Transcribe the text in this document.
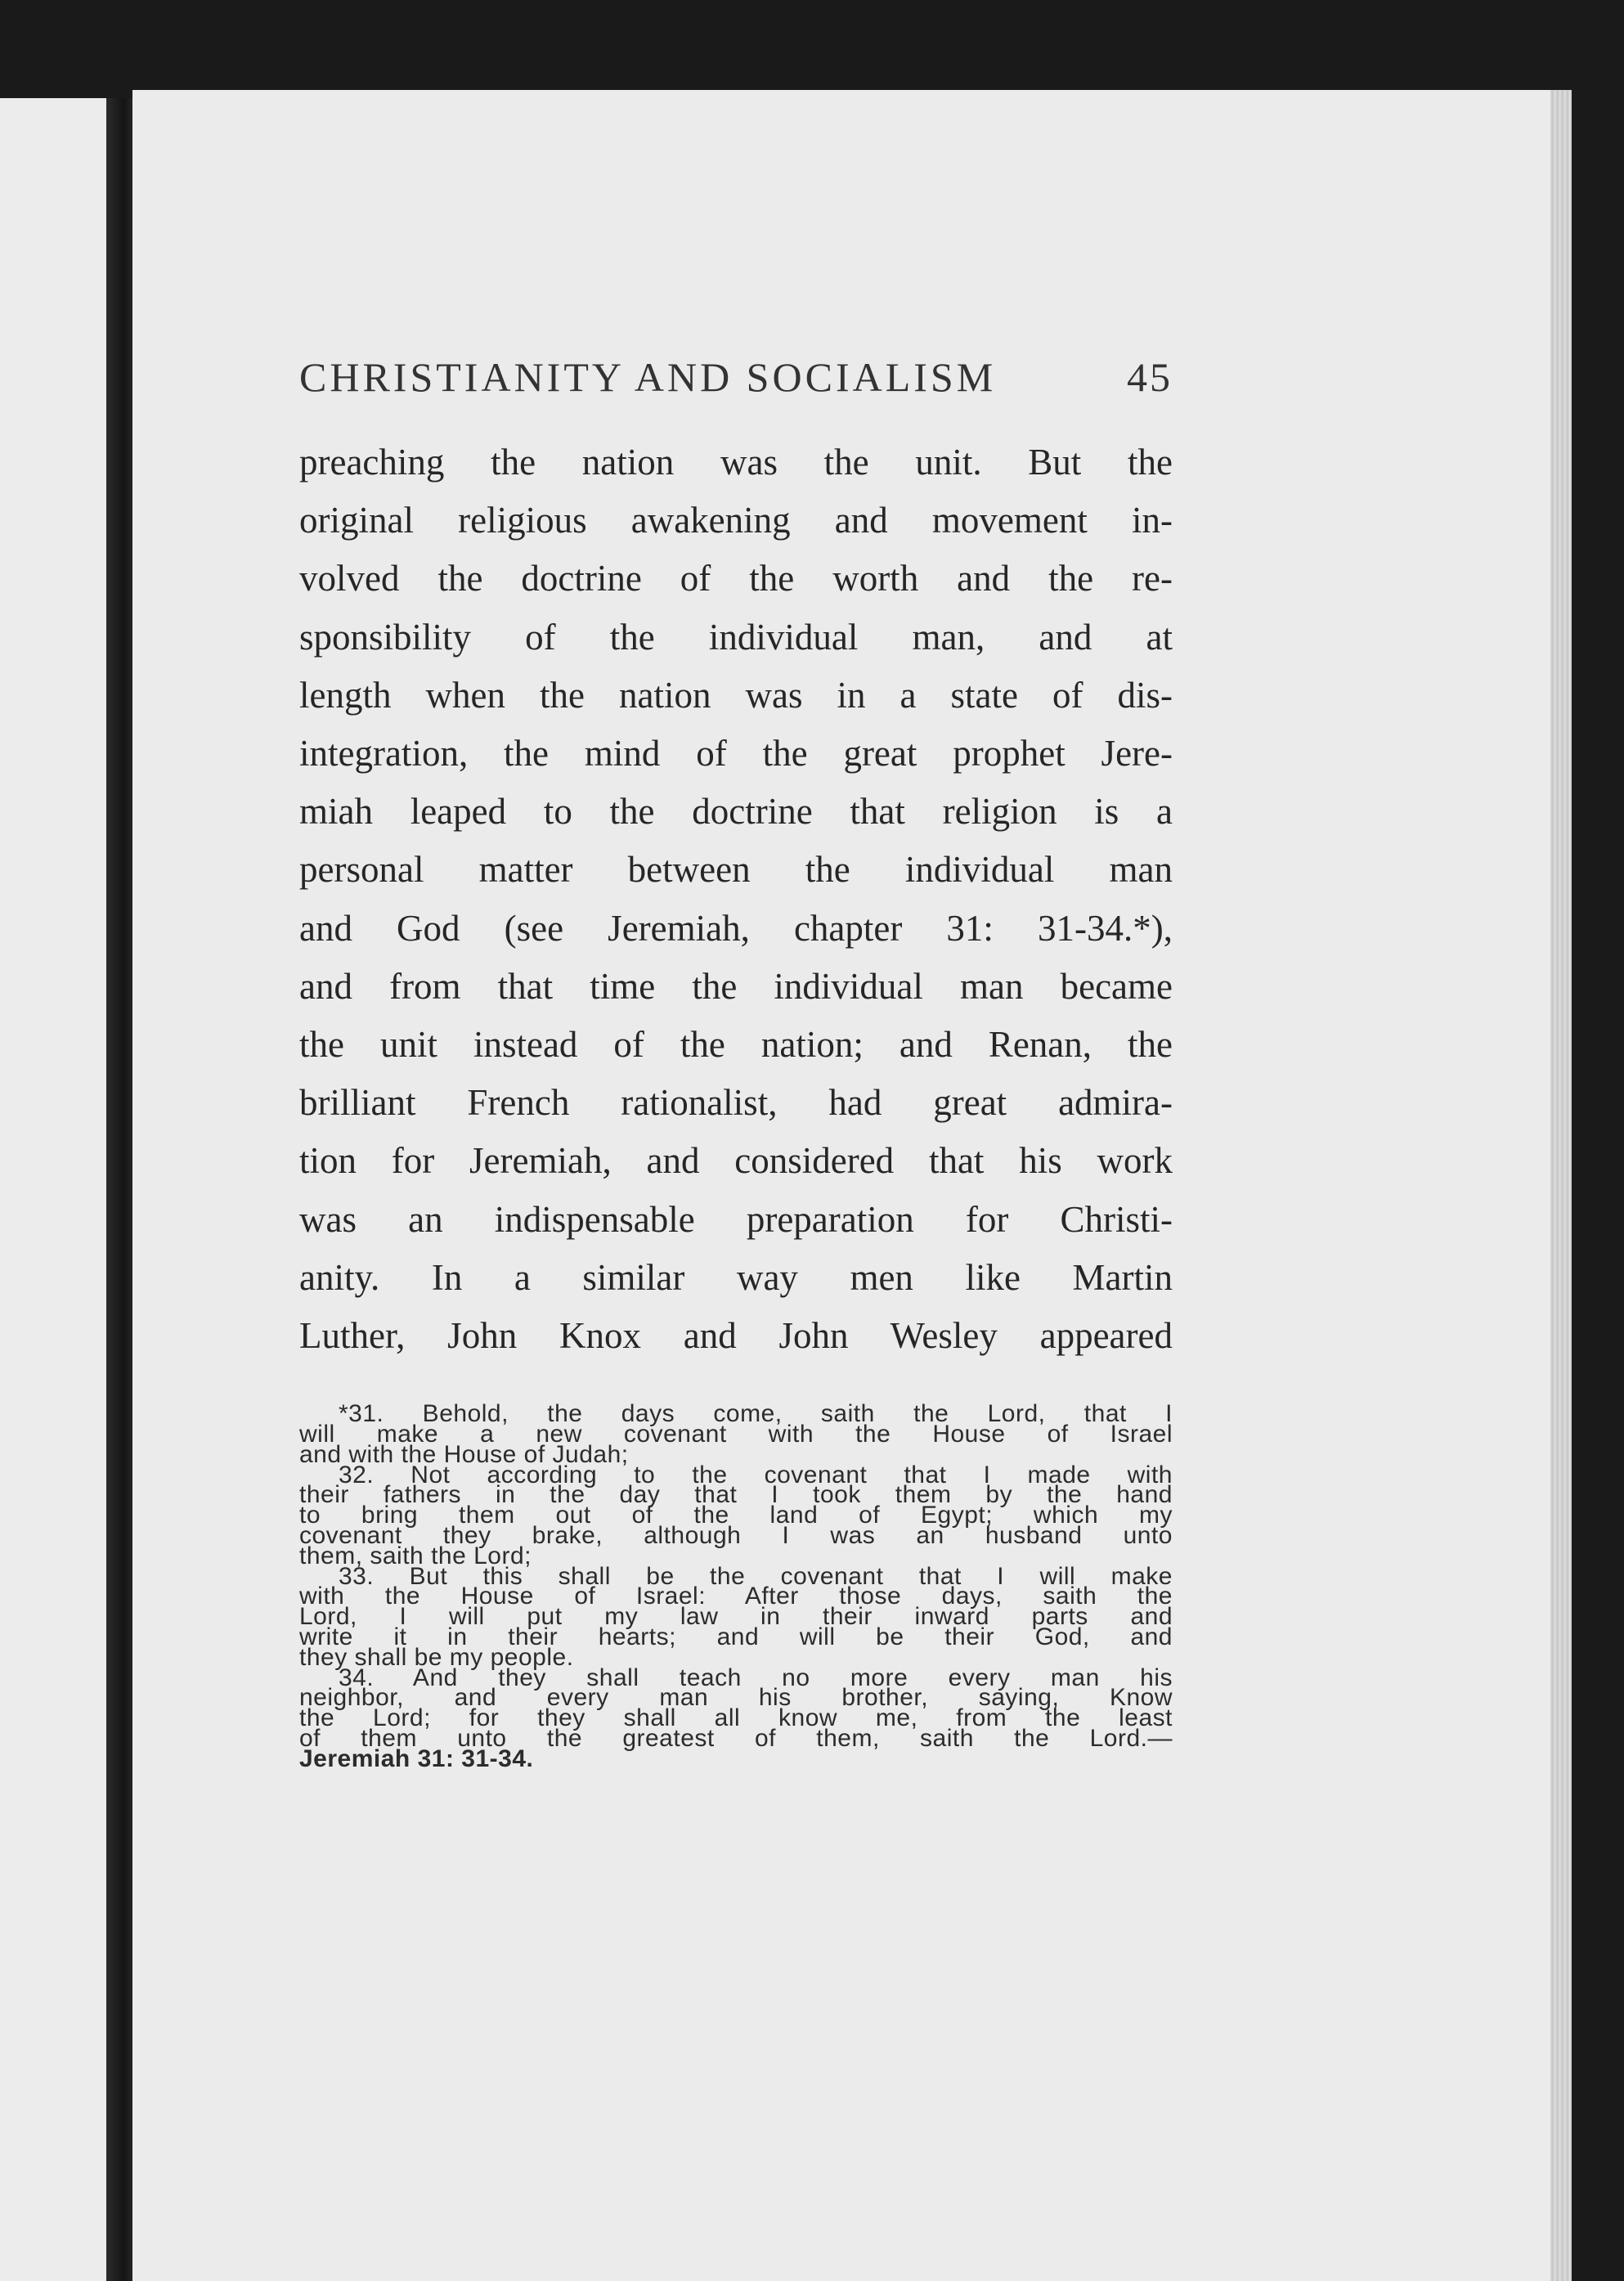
CHRISTIANITY AND SOCIALISM	45
preaching the nation was the unit. But the
original religious awakening and movement in-
volved the doctrine of the worth and the re-
sponsibility of the individual man, and at
length when the nation was in a state of dis-
integration, the mind of the great prophet Jere-
miah leaped to the doctrine that religion is a
personal matter between the individual man
and God (see Jeremiah, chapter 31: 31-34.*),
and from that time the individual man became
the unit instead of the nation; and Renan, the
brilliant French rationalist, had great admira-
tion for Jeremiah, and considered that his work
was an indispensable preparation for Christi-
anity. In a similar way men like Martin
Luther, John Knox and John Wesley appeared
*31. Behold, the days come, saith the Lord, that I
will make a new covenant with the House of Israel
and with the House of Judah;
32. Not according to the covenant that I made with
their fathers in the day that I took them by the hand
to bring them out of the land of Egypt; which my
covenant they brake, although I was an husband unto
them, saith the Lord;
33. But this shall be the covenant that I will make
with the House of Israel: After those days, saith the
Lord, I will put my law in their inward parts and
write it in their hearts; and will be their God, and
they shall be my people.
34. And they shall teach no more every man his
neighbor, and every man his brother, saying, Know
the Lord; for they shall all know me, from the least
of them unto the greatest of them, saith the Lord.—
Jeremiah 31: 31-34.
